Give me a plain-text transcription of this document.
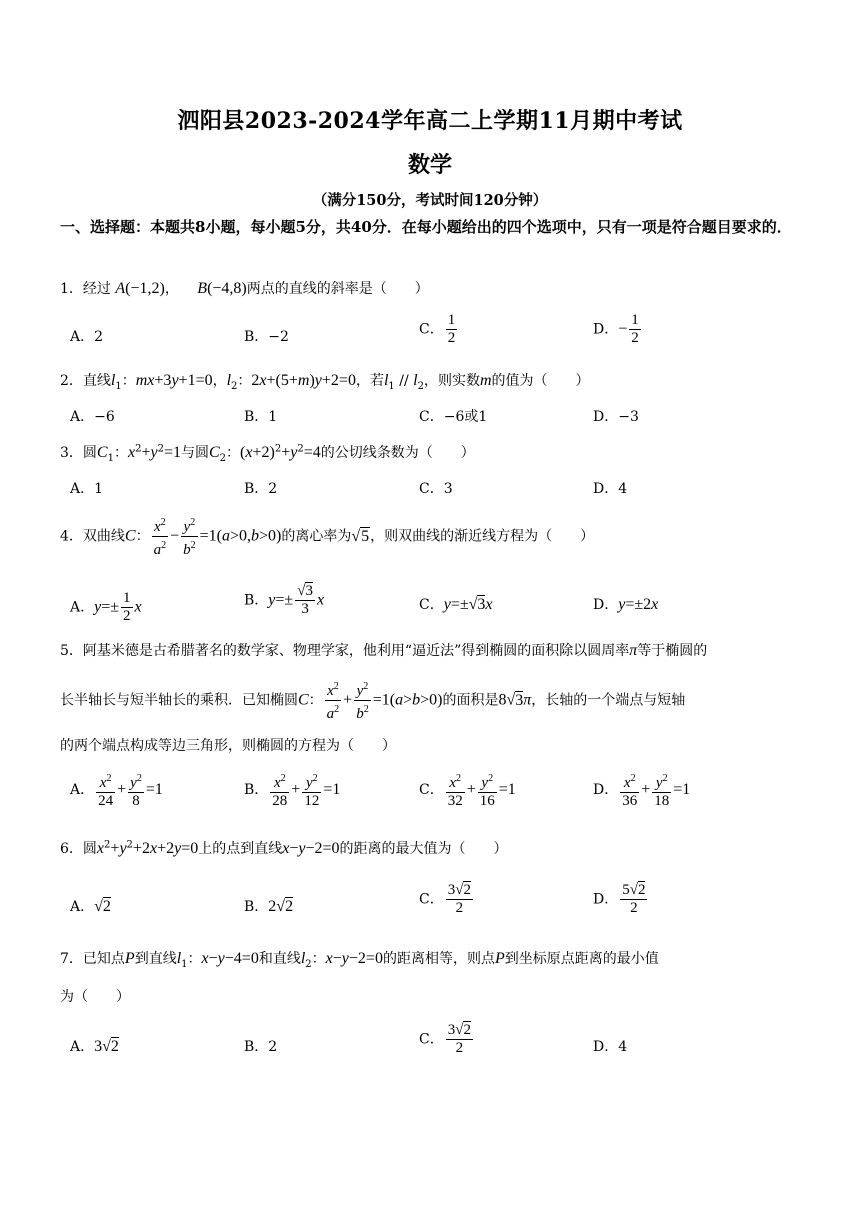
泗阳县2023-2024学年高二上学期11月期中考试
数学
（满分150分，考试时间120分钟）
一、选择题：本题共8小题，每小题5分，共40分．在每小题给出的四个选项中，只有一项是符合题目要求的．
1．经过 A(−1,2)， B(−4,8)两点的直线的斜率是（　　）
A．2	B．−2	C． $\frac{1}{2}$	D．− $\frac{1}{2}$
2．直线$l_1$：mx+3y+1=0，$l_2$：2x+(5+m)y+2=0，若$l_1 // l_2$，则实数m的值为（　　）
A．−6	B．1	C．−6或1	D．−3
3．圆$C_1$：$x^2+y^2=1$与圆$C_2$：$(x+2)^2+y^2=4$的公切线条数为（　　）
A．1	B．2	C．3	D．4
4．双曲线C： $\frac{x^2}{a^2} - \frac{y^2}{b^2} =1(a>0,b>0)$的离心率为√5，则双曲线的渐近线方程为（　　）
A．$y=\pm \frac{1}{2}$ x	B．$y=\pm \frac{√3}{3}$ x	C．y=±√3x	D．y=±2x
5．阿基米德是古希腊著名的数学家、物理学家，他利用“逼近法”得到椭圆的面积除以圆周率π等于椭圆的
长半轴长与短半轴长的乘积．已知椭圆C： $\frac{x^2}{a^2} + \frac{y^2}{b^2} =1(a>b>0)$的面积是8√3π，长轴的一个端点与短轴
的两个端点构成等边三角形，则椭圆的方程为（　　）
A． $\frac{x^2}{24} + \frac{y^2}{8} =1$	B． $\frac{x^2}{28} + \frac{y^2}{12} =1$	C． $\frac{x^2}{32} + \frac{y^2}{16} =1$	D． $\frac{x^2}{36} + \frac{y^2}{18} =1$
6．圆$x^2+y^2+2x+2y=0$上的点到直线x−y−2=0的距离的最大值为（　　）
A．√2	B．2√2	C． $\frac{3√2}{2}$	D． $\frac{5√2}{2}$
7．已知点P到直线$l_1$：x−y−4=0和直线$l_2$：x−y−2=0的距离相等，则点P到坐标原点距离的最小值
为（　　）
A．3√2	B．2	C． $\frac{3√2}{2}$	D．4
